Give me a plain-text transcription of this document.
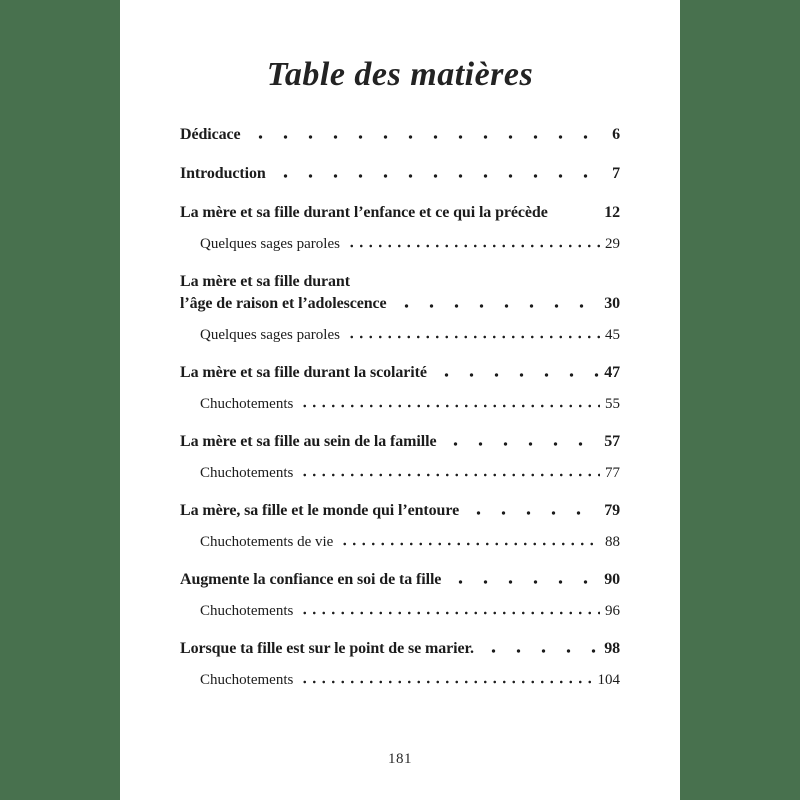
Table des matières
Dédicace	6
Introduction	7
La mère et sa fille durant l’enfance et ce qui la précède	12
Quelques sages paroles	29
La mère et sa fille durant
l’âge de raison et l’adolescence	30
Quelques sages paroles	45
La mère et sa fille durant la scolarité	47
Chuchotements	55
La mère et sa fille au sein de la famille	57
Chuchotements	77
La mère, sa fille et le monde qui l’entoure	79
Chuchotements de vie	88
Augmente la confiance en soi de ta fille	90
Chuchotements	96
Lorsque ta fille est sur le point de se marier.	98
Chuchotements	104
181
